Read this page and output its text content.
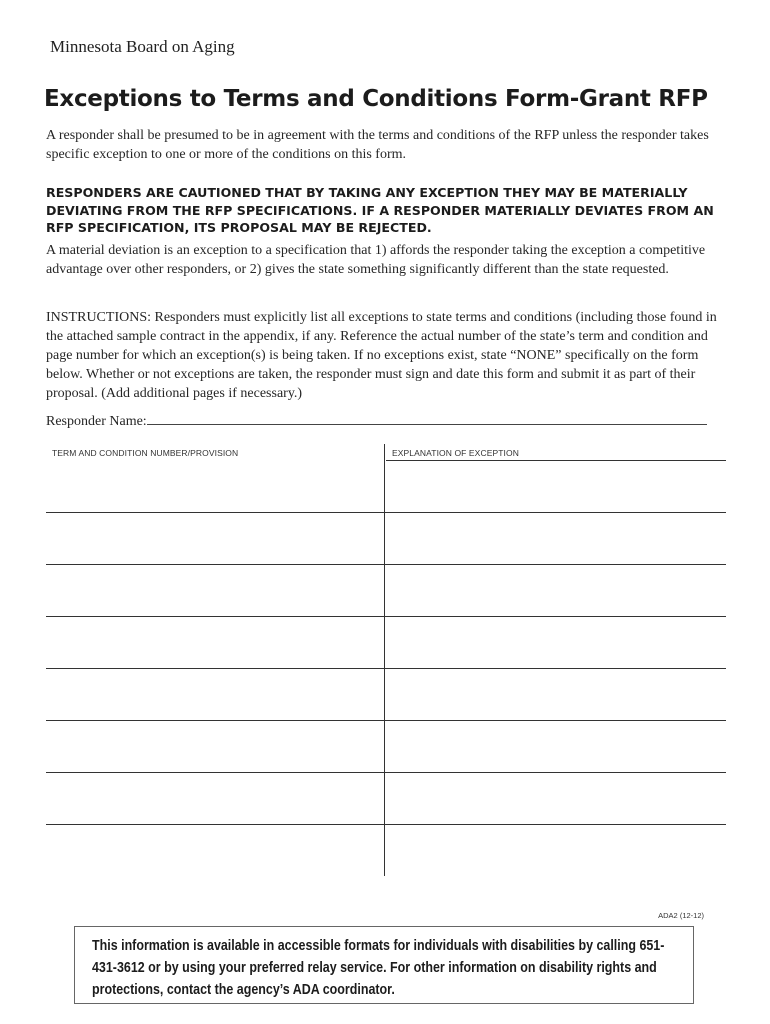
Minnesota Board on Aging
Exceptions to Terms and Conditions Form-Grant RFP

A responder shall be presumed to be in agreement with the terms and conditions of the RFP unless the responder takes specific exception to one or more of the conditions on this form.

RESPONDERS ARE CAUTIONED THAT BY TAKING ANY EXCEPTION THEY MAY BE MATERIALLY DEVIATING FROM THE RFP SPECIFICATIONS. IF A RESPONDER MATERIALLY DEVIATES FROM AN RFP SPECIFICATION, ITS PROPOSAL MAY BE REJECTED.

A material deviation is an exception to a specification that 1) affords the responder taking the exception a competitive advantage over other responders, or 2) gives the state something significantly different than the state requested.

INSTRUCTIONS: Responders must explicitly list all exceptions to state terms and conditions (including those found in the attached sample contract in the appendix, if any. Reference the actual number of the state’s term and condition and page number for which an exception(s) is being taken. If no exceptions exist, state “NONE” specifically on the form below. Whether or not exceptions are taken, the responder must sign and date this form and submit it as part of their proposal. (Add additional pages if necessary.)

Responder Name:
TERM AND CONDITION NUMBER/PROVISION	EXPLANATION OF EXCEPTION
ADA2 (12-12)

This information is available in accessible formats for individuals with disabilities by calling 651-431-3612 or by using your preferred relay service. For other information on disability rights and protections, contact the agency’s ADA coordinator.
